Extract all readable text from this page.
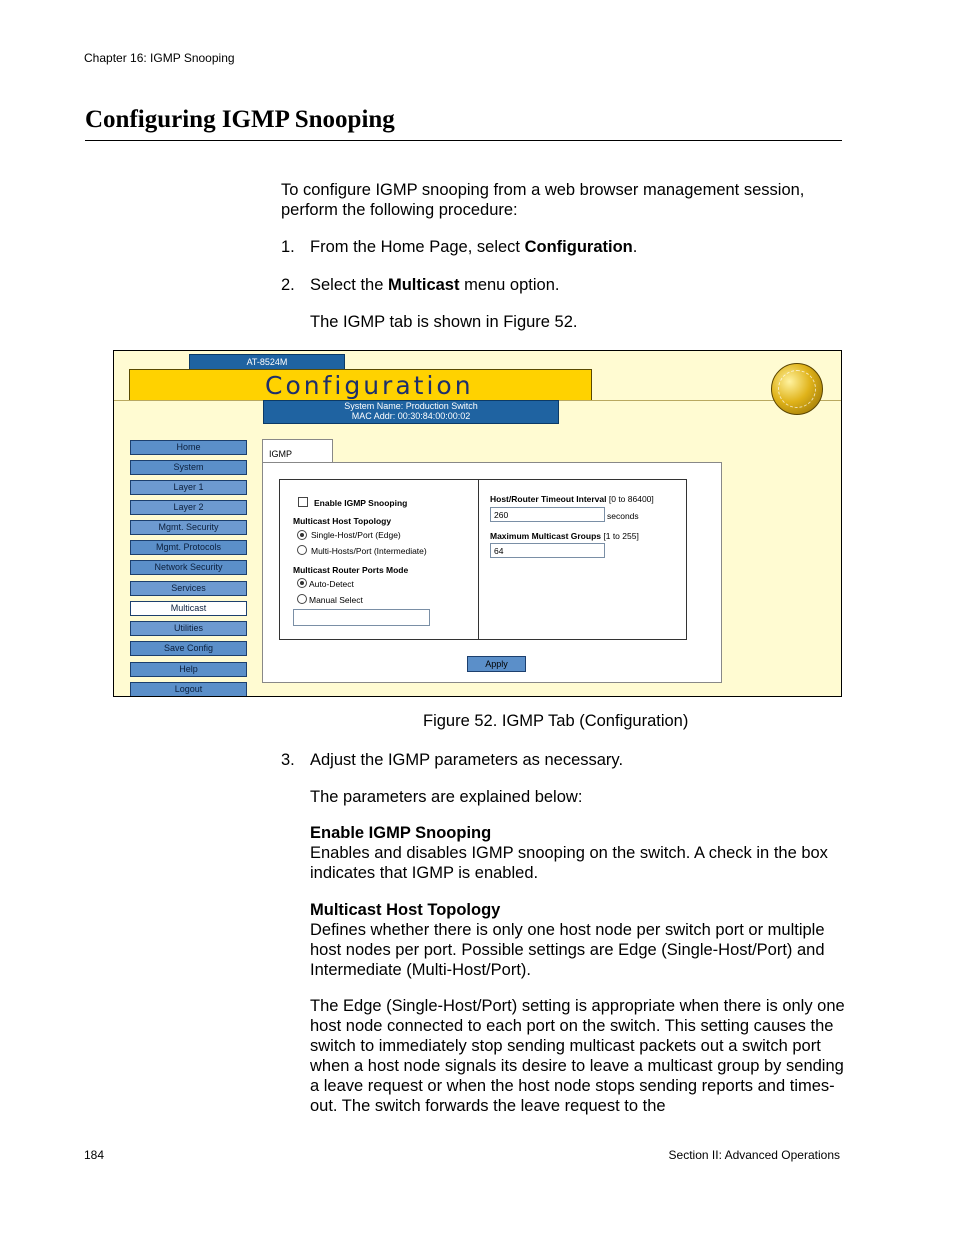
Chapter 16: IGMP Snooping
Configuring IGMP Snooping
To configure IGMP snooping from a web browser management session, perform the following procedure:
1. From the Home Page, select Configuration.
2. Select the Multicast menu option.
The IGMP tab is shown in Figure 52.
AT-8524M
Configuration
System Name: Production Switch
MAC Addr: 00:30:84:00:00:02
Home
System
Layer 1
Layer 2
Mgmt. Security
Mgmt. Protocols
Network Security
Services
Multicast
Utilities
Save Config
Help
Logout
IGMP
Enable IGMP Snooping
Multicast Host Topology
Single-Host/Port (Edge)
Multi-Hosts/Port (Intermediate)
Multicast Router Ports Mode
Auto-Detect
Manual Select
Host/Router Timeout Interval [0 to 86400]
260	seconds
Maximum Multicast Groups [1 to 255]
64
Apply
Figure 52. IGMP Tab (Configuration)
3. Adjust the IGMP parameters as necessary.
The parameters are explained below:
Enable IGMP Snooping
Enables and disables IGMP snooping on the switch. A check in the box indicates that IGMP is enabled.
Multicast Host Topology
Defines whether there is only one host node per switch port or multiple host nodes per port. Possible settings are Edge (Single-Host/Port) and Intermediate (Multi-Host/Port).
The Edge (Single-Host/Port) setting is appropriate when there is only one host node connected to each port on the switch. This setting causes the switch to immediately stop sending multicast packets out a switch port when a host node signals its desire to leave a multicast group by sending a leave request or when the host node stops sending reports and times-out. The switch forwards the leave request to the
184	Section II: Advanced Operations
